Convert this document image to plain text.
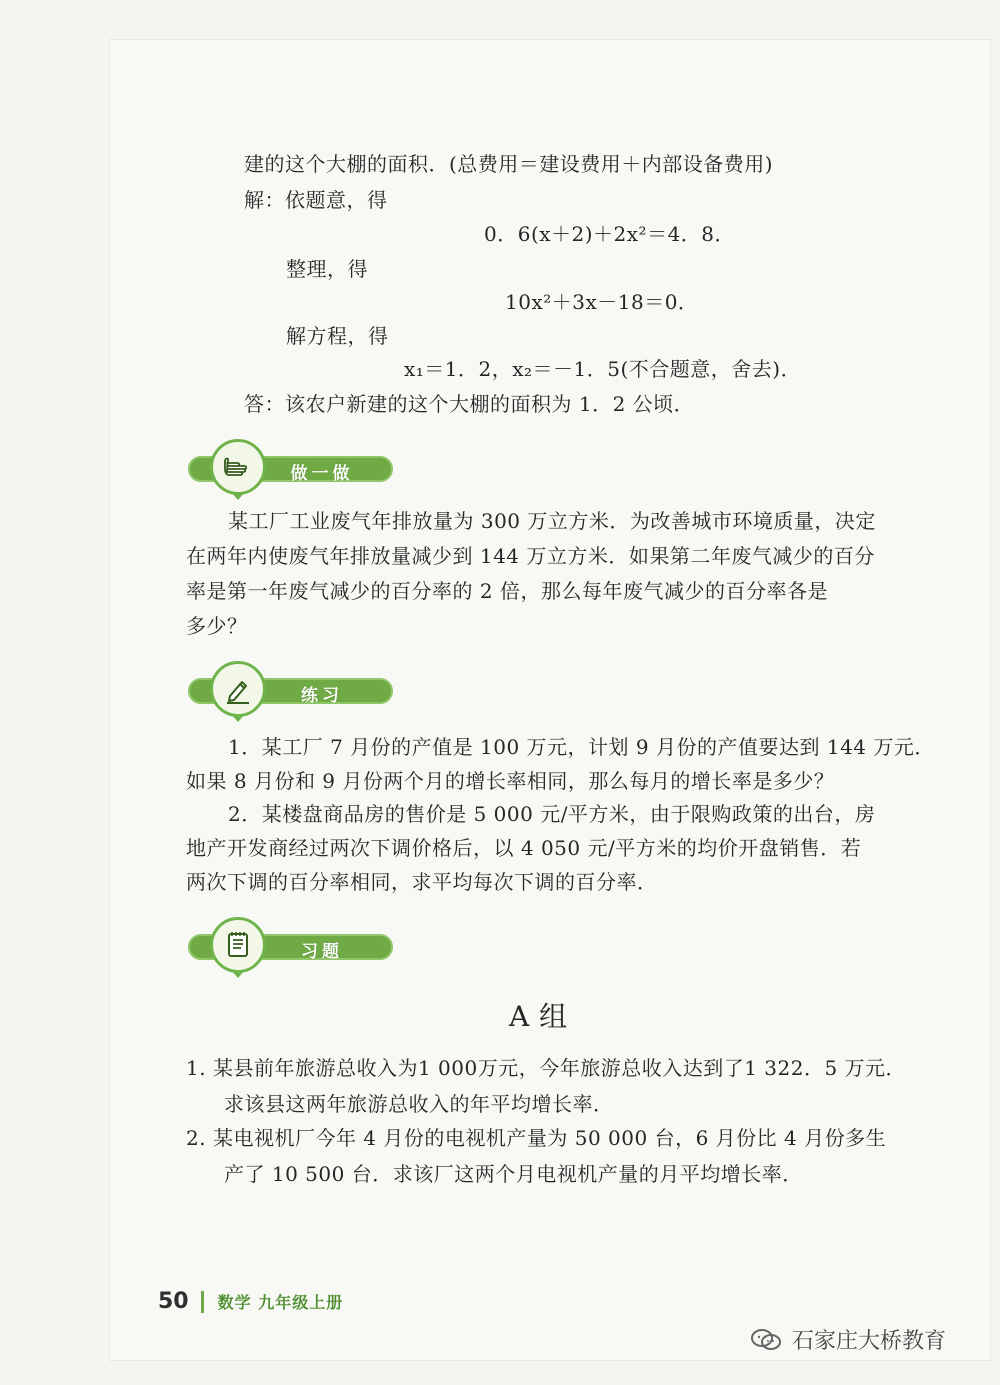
建的这个大棚的面积．(总费用＝建设费用＋内部设备费用)
解：依题意，得
0．6(x＋2)＋2x²＝4．8．
整理，得
10x²＋3x－18＝0．
解方程，得
x₁＝1．2，x₂＝－1．5(不合题意，舍去)．
答：该农户新建的这个大棚的面积为 1．2 公顷．
做一做
某工厂工业废气年排放量为 300 万立方米．为改善城市环境质量，决定
在两年内使废气年排放量减少到 144 万立方米．如果第二年废气减少的百分
率是第一年废气减少的百分率的 2 倍，那么每年废气减少的百分率各是
多少？
练习
1．某工厂 7 月份的产值是 100 万元，计划 9 月份的产值要达到 144 万元．
如果 8 月份和 9 月份两个月的增长率相同，那么每月的增长率是多少？
2．某楼盘商品房的售价是 5 000 元/平方米，由于限购政策的出台，房
地产开发商经过两次下调价格后，以 4 050 元/平方米的均价开盘销售．若
两次下调的百分率相同，求平均每次下调的百分率．
习题
A 组
1. 某县前年旅游总收入为1 000万元，今年旅游总收入达到了1 322．5 万元．
求该县这两年旅游总收入的年平均增长率．
2. 某电视机厂今年 4 月份的电视机产量为 50 000 台，6 月份比 4 月份多生
产了 10 500 台．求该厂这两个月电视机产量的月平均增长率．
50 数学 九年级上册
石家庄大桥教育
